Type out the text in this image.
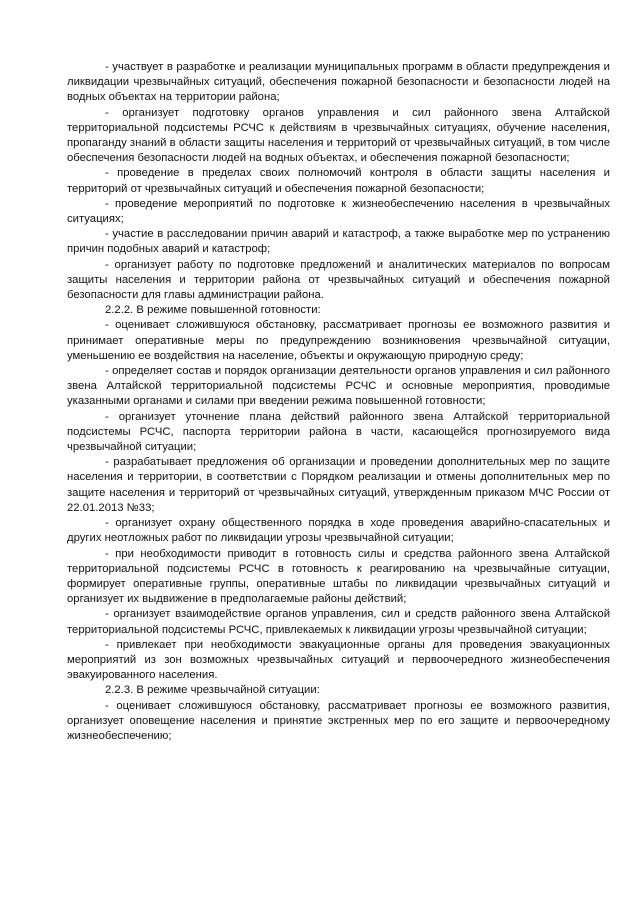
- участвует в разработке и реализации муниципальных программ в области предупреждения и ликвидации чрезвычайных ситуаций, обеспечения пожарной безопасности и безопасности людей на водных объектах на территории района;

- организует подготовку органов управления и сил районного звена Алтайской территориальной подсистемы РСЧС к действиям в чрезвычайных ситуациях, обучение населения, пропаганду знаний в области защиты населения и территорий от чрезвычайных ситуаций, в том числе обеспечения безопасности людей на водных объектах, и обеспечения пожарной безопасности;

- проведение в пределах своих полномочий контроля в области защиты населения и территорий от чрезвычайных ситуаций и обеспечения пожарной безопасности;

- проведение мероприятий по подготовке к жизнеобеспечению населения в чрезвычайных ситуациях;

- участие в расследовании причин аварий и катастроф, а также выработке мер по устранению причин подобных аварий и катастроф;

- организует работу по подготовке предложений и аналитических материалов по вопросам защиты населения и территории района от чрезвычайных ситуаций и обеспечения пожарной безопасности для главы администрации района.

2.2.2. В режиме повышенной готовности:

- оценивает сложившуюся обстановку, рассматривает прогнозы ее возможного развития и принимает оперативные меры по предупреждению возникновения чрезвычайной ситуации, уменьшению ее воздействия на население, объекты и окружающую природную среду;

- определяет состав и порядок организации деятельности органов управления и сил районного звена Алтайской территориальной подсистемы РСЧС и основные мероприятия, проводимые указанными органами и силами при введении режима повышенной готовности;

- организует уточнение плана действий районного звена Алтайской территориальной подсистемы РСЧС, паспорта территории района в части, касающейся прогнозируемого вида чрезвычайной ситуации;

- разрабатывает предложения об организации и проведении дополнительных мер по защите населения и территории, в соответствии с Порядком реализации и отмены дополнительных мер по защите населения и территорий от чрезвычайных ситуаций, утвержденным приказом МЧС России от 22.01.2013 №33;

- организует охрану общественного порядка в ходе проведения аварийно-спасательных и других неотложных работ по ликвидации угрозы чрезвычайной ситуации;

- при необходимости приводит в готовность силы и средства районного звена Алтайской территориальной подсистемы РСЧС в готовность к реагированию на чрезвычайные ситуации, формирует оперативные группы, оперативные штабы по ликвидации чрезвычайных ситуаций и организует их выдвижение в предполагаемые районы действий;

- организует взаимодействие органов управления, сил и средств районного звена Алтайской территориальной подсистемы РСЧС, привлекаемых к ликвидации угрозы чрезвычайной ситуации;

- привлекает при необходимости эвакуационные органы для проведения эвакуационных мероприятий из зон возможных чрезвычайных ситуаций и первоочередного жизнеобеспечения эвакуированного населения.

2.2.3. В режиме чрезвычайной ситуации:

- оценивает сложившуюся обстановку, рассматривает прогнозы ее возможного развития, организует оповещение населения и принятие экстренных мер по его защите и первоочередному жизнеобеспечению;
